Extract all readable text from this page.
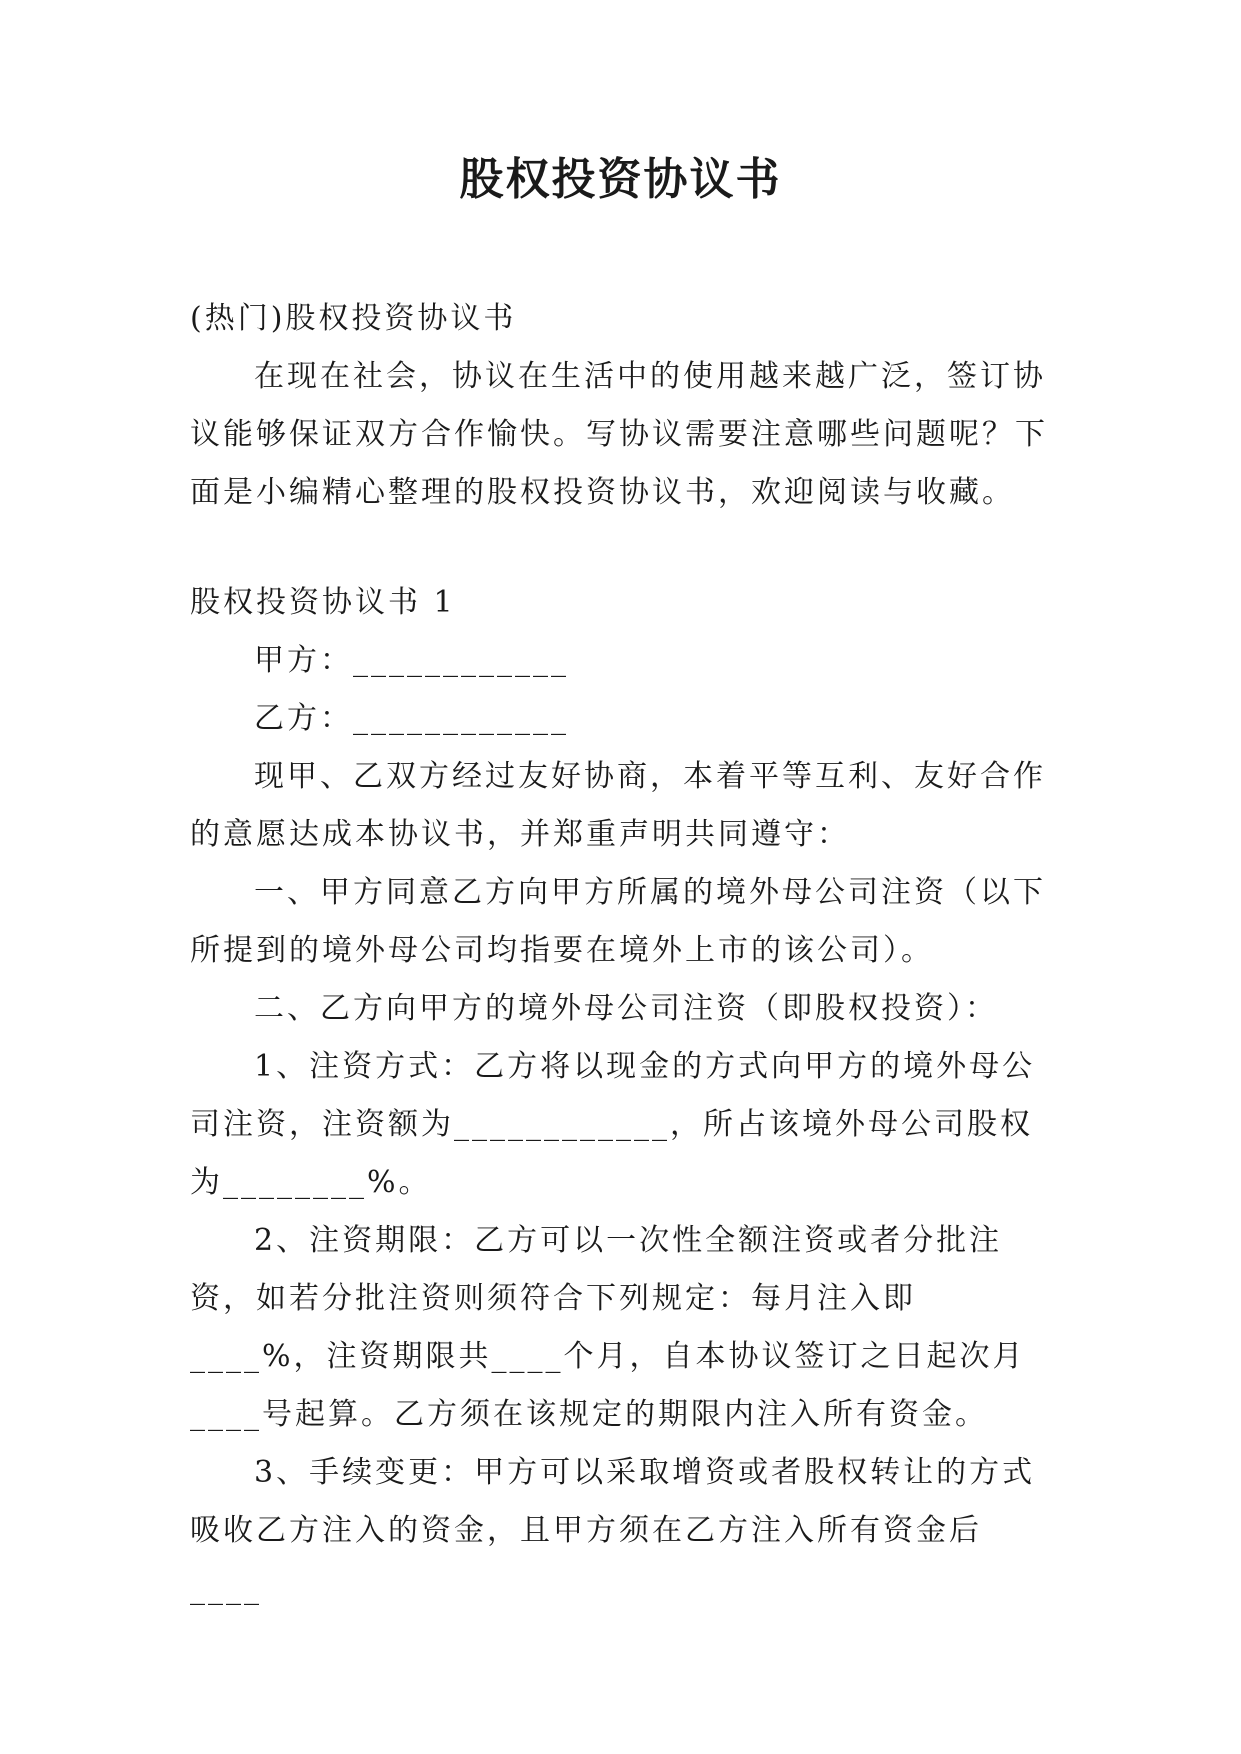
股权投资协议书

(热门)股权投资协议书

在现在社会，协议在生活中的使用越来越广泛，签订协议能够保证双方合作愉快。写协议需要注意哪些问题呢？下面是小编精心整理的股权投资协议书，欢迎阅读与收藏。

股权投资协议书 1

甲方：____________

乙方：____________

现甲、乙双方经过友好协商，本着平等互利、友好合作的意愿达成本协议书，并郑重声明共同遵守：

一、甲方同意乙方向甲方所属的境外母公司注资（以下所提到的境外母公司均指要在境外上市的该公司）。

二、乙方向甲方的境外母公司注资（即股权投资）：

1、注资方式：乙方将以现金的方式向甲方的境外母公司注资，注资额为____________，所占该境外母公司股权为________%。

2、注资期限：乙方可以一次性全额注资或者分批注资，如若分批注资则须符合下列规定：每月注入即____%，注资期限共____个月，自本协议签订之日起次月____号起算。乙方须在该规定的期限内注入所有资金。

3、手续变更：甲方可以采取增资或者股权转让的方式吸收乙方注入的资金，且甲方须在乙方注入所有资金后____
